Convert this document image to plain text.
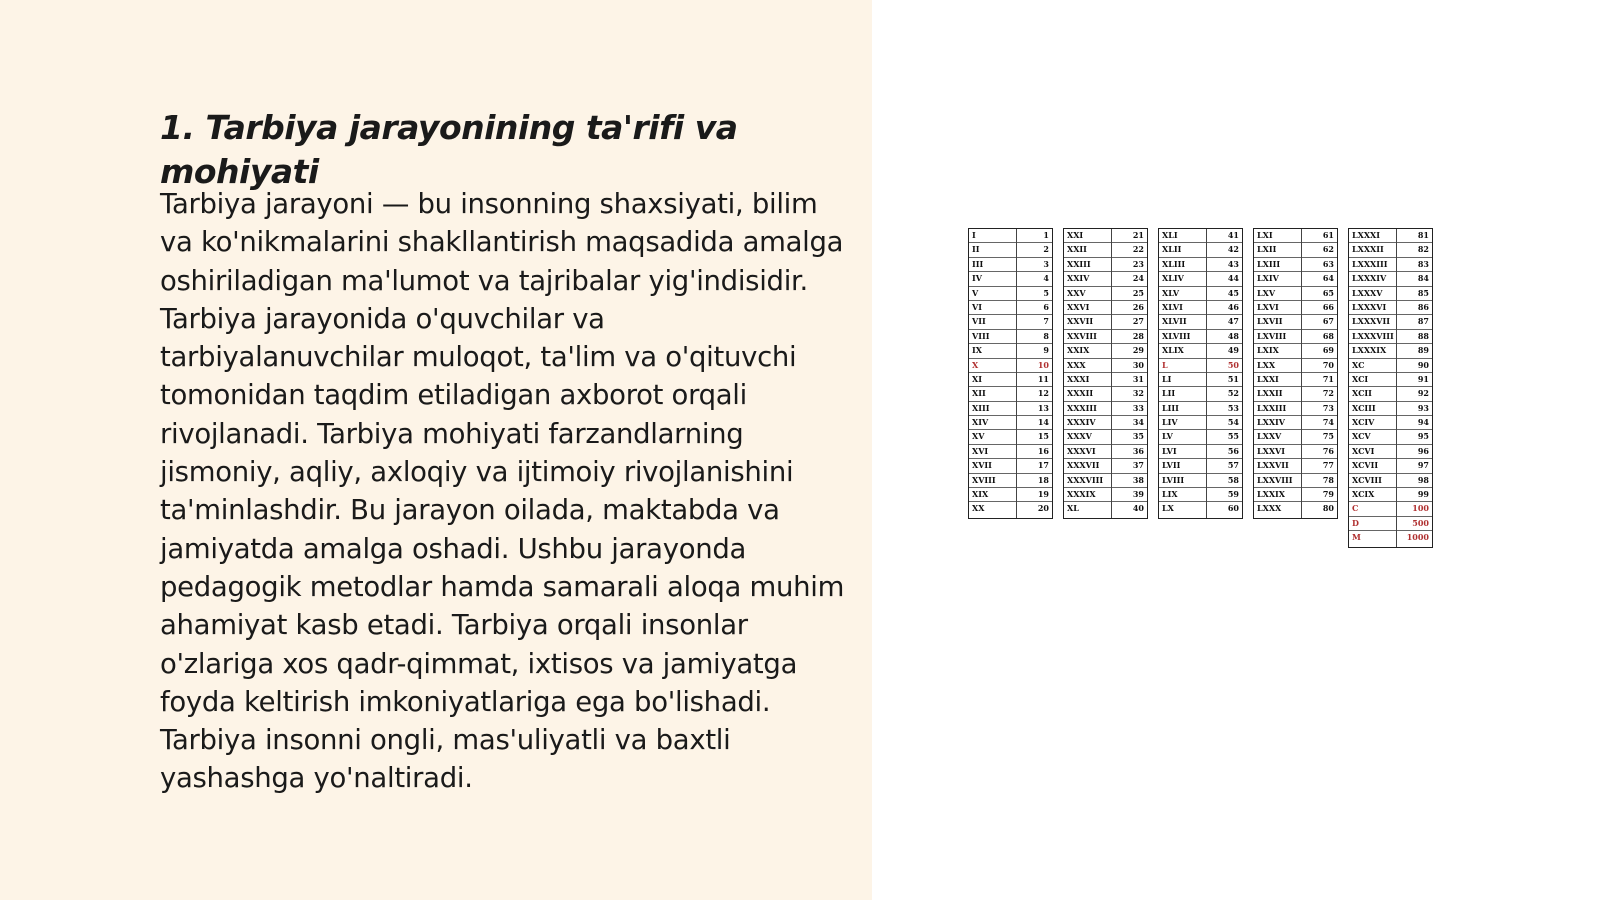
1. Tarbiya jarayonining ta'rifi va mohiyati

Tarbiya jarayoni — bu insonning shaxsiyati, bilim va ko'nikmalarini shakllantirish maqsadida amalga oshiriladigan ma'lumot va tajribalar yig'indisidir. Tarbiya jarayonida o'quvchilar va tarbiyalanuvchilar muloqot, ta'lim va o'qituvchi tomonidan taqdim etiladigan axborot orqali rivojlanadi. Tarbiya mohiyati farzandlarning jismoniy, aqliy, axloqiy va ijtimoiy rivojlanishini ta'minlashdir. Bu jarayon oilada, maktabda va jamiyatda amalga oshadi. Ushbu jarayonda pedagogik metodlar hamda samarali aloqa muhim ahamiyat kasb etadi. Tarbiya orqali insonlar o'zlariga xos qadr-qimmat, ixtisos va jamiyatga foyda keltirish imkoniyatlariga ega bo'lishadi. Tarbiya insonni ongli, mas'uliyatli va baxtli yashashga yo'naltiradi.

I	1
II	2
III	3
IV	4
V	5
VI	6
VII	7
VIII	8
IX	9
X	10
XI	11
XII	12
XIII	13
XIV	14
XV	15
XVI	16
XVII	17
XVIII	18
XIX	19
XX	20
XXI	21
XXII	22
XXIII	23
XXIV	24
XXV	25
XXVI	26
XXVII	27
XXVIII	28
XXIX	29
XXX	30
XXXI	31
XXXII	32
XXXIII	33
XXXIV	34
XXXV	35
XXXVI	36
XXXVII	37
XXXVIII	38
XXXIX	39
XL	40
XLI	41
XLII	42
XLIII	43
XLIV	44
XLV	45
XLVI	46
XLVII	47
XLVIII	48
XLIX	49
L	50
LI	51
LII	52
LIII	53
LIV	54
LV	55
LVI	56
LVII	57
LVIII	58
LIX	59
LX	60
LXI	61
LXII	62
LXIII	63
LXIV	64
LXV	65
LXVI	66
LXVII	67
LXVIII	68
LXIX	69
LXX	70
LXXI	71
LXXII	72
LXXIII	73
LXXIV	74
LXXV	75
LXXVI	76
LXXVII	77
LXXVIII	78
LXXIX	79
LXXX	80
LXXXI	81
LXXXII	82
LXXXIII	83
LXXXIV	84
LXXXV	85
LXXXVI	86
LXXXVII	87
LXXXVIII	88
LXXXIX	89
XC	90
XCI	91
XCII	92
XCIII	93
XCIV	94
XCV	95
XCVI	96
XCVII	97
XCVIII	98
XCIX	99
C	100
D	500
M	1000
